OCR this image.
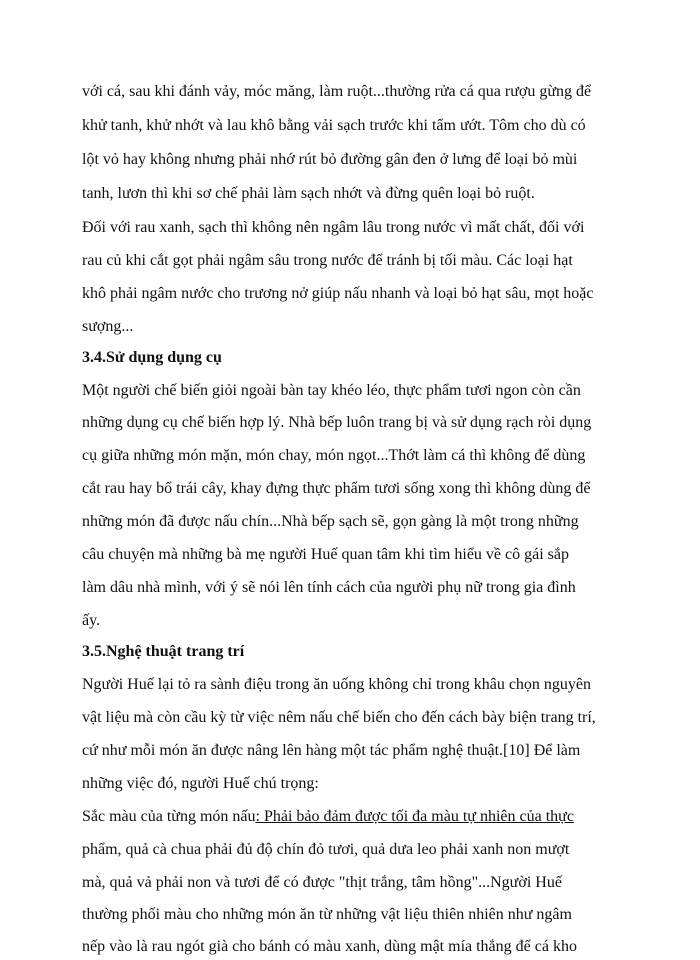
với cá, sau khi đánh vảy, móc măng, làm ruột...thường rửa cá qua rượu gừng để
khử tanh, khử nhớt và lau khô bằng vải sạch trước khi tẩm ướt. Tôm cho dù có
lột vỏ hay không nhưng phải nhớ rút bỏ đường gân đen ở lưng để loại bỏ mùi
tanh, lươn thì khi sơ chế phải làm sạch nhớt và đừng quên loại bỏ ruột.
Đối với rau xanh, sạch thì không nên ngâm lâu trong nước vì mất chất, đối với
rau củ khi cắt gọt phải ngâm sâu trong nước để tránh bị tối màu. Các loại hạt
khô phải ngâm nước cho trương nở giúp nấu nhanh và loại bỏ hạt sâu, mọt hoặc
sượng...
3.4.Sử dụng dụng cụ
Một người chế biến giỏi ngoài bàn tay khéo léo, thực phẩm tươi ngon còn cần
những dụng cụ chế biến hợp lý. Nhà bếp luôn trang bị và sử dụng rạch ròi dụng
cụ giữa những món mặn, món chay, món ngọt...Thớt làm cá thì không để dùng
cắt rau hay bổ trái cây, khay đựng thực phẩm tươi sống xong thì không dùng để
những món đã được nấu chín...Nhà bếp sạch sẽ, gọn gàng là một trong những
câu chuyện mà những bà mẹ người Huế quan tâm khi tìm hiểu về cô gái sắp
làm dâu nhà mình, với ý sẽ nói lên tính cách của người phụ nữ trong gia đình
ấy.
3.5.Nghệ thuật trang trí
Người Huế lại tỏ ra sành điệu trong ăn uống không chỉ trong khâu chọn nguyên
vật liệu mà còn cầu kỳ từ việc nêm nấu chế biến cho đến cách bày biện trang trí,
cứ như mỗi món ăn được nâng lên hàng một tác phẩm nghệ thuật.[10] Để làm
những việc đó, người Huế chú trọng:
Sắc màu của từng món nấu: Phải bảo đảm được tối đa màu tự nhiên của thực
phẩm, quả cà chua phải đủ độ chín đỏ tươi, quả dưa leo phải xanh non mượt
mà, quả vả phải non và tươi để có được "thịt trắng, tâm hồng"...Người Huế
thường phối màu cho những món ăn từ những vật liệu thiên nhiên như ngâm
nếp vào là rau ngót già cho bánh có màu xanh, dùng mật mía thắng để cá kho
